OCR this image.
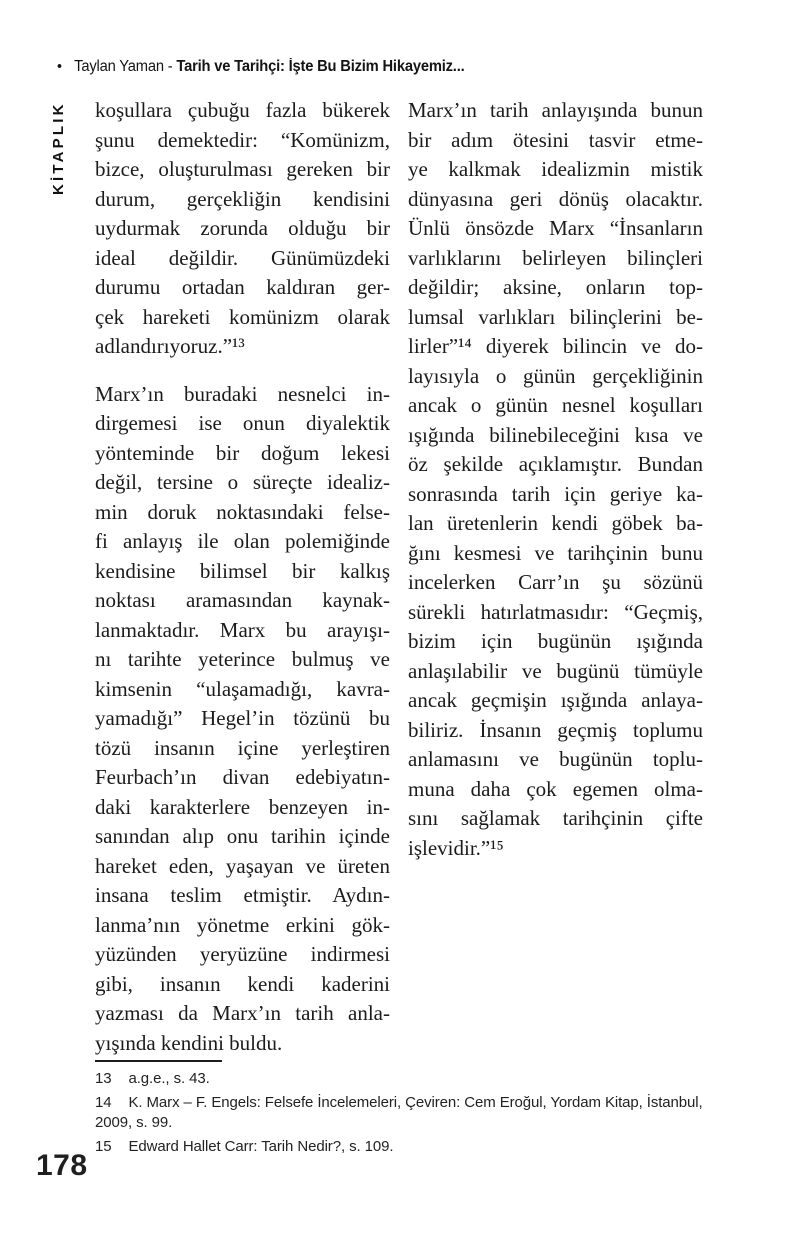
• Taylan Yaman - Tarih ve Tarihçi: İşte Bu Bizim Hikayemiz...
KİTAPLIK koşullara çubuğu fazla bükerek
şunu demektedir: “Komünizm,
bizce, oluşturulması gereken bir
durum, gerçekliğin kendisini
uydurmak zorunda olduğu bir
ideal değildir. Günümüzdeki
durumu ortadan kaldıran ger-
çek hareketi komünizm olarak
adlandırıyoruz.”¹³
Marx’ın buradaki nesnelci in-
dirgemesi ise onun diyalektik
yönteminde bir doğum lekesi
değil, tersine o süreçte idealiz-
min doruk noktasındaki felse-
fi anlayış ile olan polemiğinde
kendisine bilimsel bir kalkış
noktası aramasından kaynak-
lanmaktadır. Marx bu arayışı-
nı tarihte yeterince bulmuş ve
kimsenin “ulaşamadığı, kavra-
yamadığı” Hegel’in tözünü bu
tözü insanın içine yerleştiren
Feurbach’ın divan edebiyatın-
daki karakterlere benzeyen in-
sanından alıp onu tarihin içinde
hareket eden, yaşayan ve üreten
insana teslim etmiştir. Aydın-
lanma’nın yönetme erkini gök-
yüzünden yeryüzüne indirmesi
gibi, insanın kendi kaderini
yazması da Marx’ın tarih anla-
yışında kendini buldu.
Marx’ın tarih anlayışında bunun
bir adım ötesini tasvir etme-
ye kalkmak idealizmin mistik
dünyasına geri dönüş olacaktır.
Ünlü önsözde Marx “İnsanların
varlıklarını belirleyen bilinçleri
değildir; aksine, onların top-
lumsal varlıkları bilinçlerini be-
lirler”¹⁴ diyerek bilincin ve do-
layısıyla o günün gerçekliğinin
ancak o günün nesnel koşulları
ışığında bilinebileceğini kısa ve
öz şekilde açıklamıştır. Bundan
sonrasında tarih için geriye ka-
lan üretenlerin kendi göbek ba-
ğını kesmesi ve tarihçinin bunu
incelerken Carr’ın şu sözünü
sürekli hatırlatmasıdır: “Geçmiş,
bizim için bugünün ışığında
anlaşılabilir ve bugünü tümüyle
ancak geçmişin ışığında anlaya-
biliriz. İnsanın geçmiş toplumu
anlamasını ve bugünün toplu-
muna daha çok egemen olma-
sını sağlamak tarihçinin çifte
işlevidir.”¹⁵
13 a.g.e., s. 43.
14 K. Marx – F. Engels: Felsefe İncelemeleri, Çeviren: Cem Eroğul, Yordam Kitap, İstanbul, 2009, s. 99.
15 Edward Hallet Carr: Tarih Nedir?, s. 109.
178
